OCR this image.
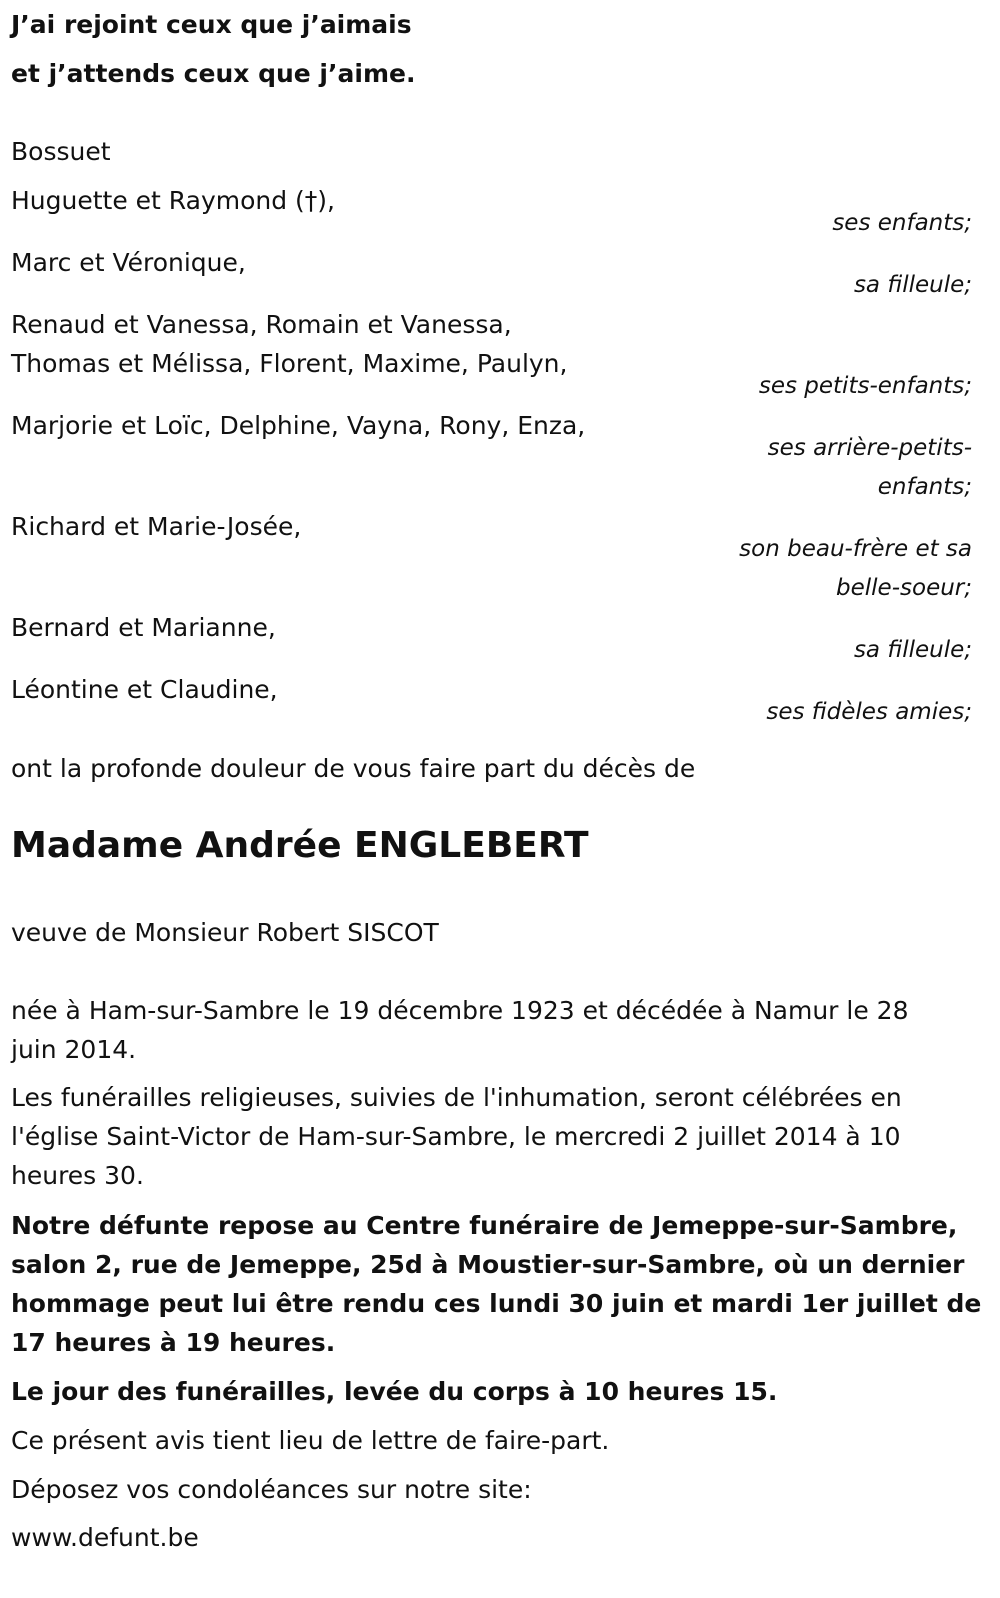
J’ai rejoint ceux que j’aimais
et j’attends ceux que j’aime.
Bossuet
Huguette et Raymond (†),
ses enfants;
Marc et Véronique,
sa filleule;
Renaud et Vanessa, Romain et Vanessa,
Thomas et Mélissa, Florent, Maxime, Paulyn,
ses petits-enfants;
Marjorie et Loïc, Delphine, Vayna, Rony, Enza,
ses arrière-petits-
enfants;
Richard et Marie-Josée,
son beau-frère et sa
belle-soeur;
Bernard et Marianne,
sa filleule;
Léontine et Claudine,
ses fidèles amies;
ont la profonde douleur de vous faire part du décès de
Madame Andrée ENGLEBERT
veuve de Monsieur Robert SISCOT
née à Ham-sur-Sambre le 19 décembre 1923 et décédée à Namur le 28
juin 2014.
Les funérailles religieuses, suivies de l'inhumation, seront célébrées en
l'église Saint-Victor de Ham-sur-Sambre, le mercredi 2 juillet 2014 à 10
heures 30.
Notre défunte repose au Centre funéraire de Jemeppe-sur-Sambre,
salon 2, rue de Jemeppe, 25d à Moustier-sur-Sambre, où un dernier
hommage peut lui être rendu ces lundi 30 juin et mardi 1er juillet de
17 heures à 19 heures.
Le jour des funérailles, levée du corps à 10 heures 15.
Ce présent avis tient lieu de lettre de faire-part.
Déposez vos condoléances sur notre site:
www.defunt.be
